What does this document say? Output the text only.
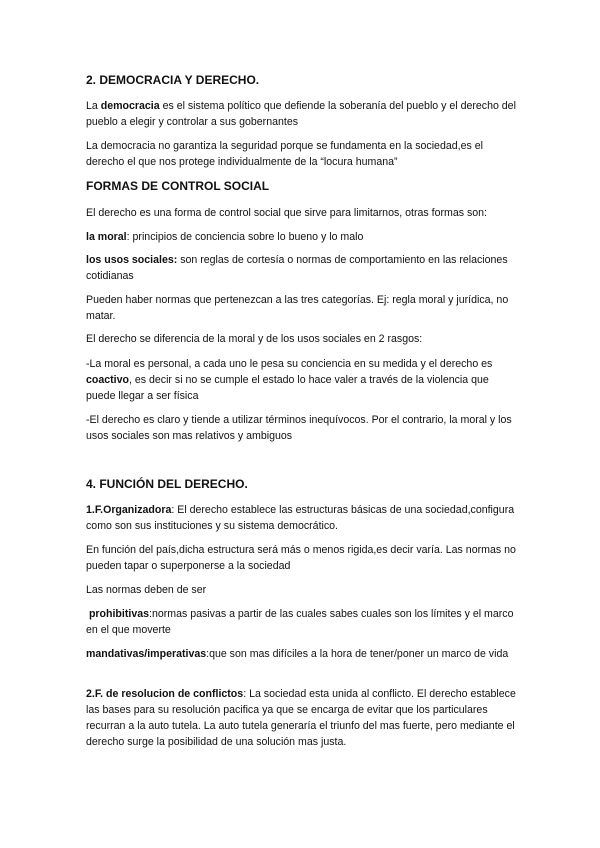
2. DEMOCRACIA Y DERECHO.
La democracia es el sistema político que defiende la soberanía del pueblo y el derecho del pueblo a elegir y controlar a sus gobernantes
La democracia no garantiza la seguridad porque se fundamenta en la sociedad,es el derecho el que nos protege individualmente de la “locura humana”
FORMAS DE CONTROL SOCIAL
El derecho es una forma de control social que sirve para limitarnos, otras formas son:
la moral: principios de conciencia sobre lo bueno y lo malo
los usos sociales: son reglas de cortesía o normas de comportamiento en las relaciones cotidianas
Pueden haber normas que pertenezcan a las tres categorías. Ej: regla moral y jurídica, no matar.
El derecho se diferencia de la moral y de los usos sociales en 2 rasgos:
-La moral es personal, a cada uno le pesa su conciencia en su medida y el derecho es coactivo, es decir si no se cumple el estado lo hace valer a través de la violencia que puede llegar a ser física
-El derecho es claro y tiende a utilizar términos inequívocos. Por el contrario, la moral y los usos sociales son mas relativos y ambiguos
4. FUNCIÓN DEL DERECHO.
1.F.Organizadora: El derecho establece las estructuras básicas de una sociedad,configura como son sus instituciones y su sistema democrático.
En función del país,dicha estructura será más o menos rigida,es decir varía. Las normas no pueden tapar o superponerse a la sociedad
Las normas deben de ser
prohibitivas:normas pasivas a partir de las cuales sabes cuales son los límites y el marco en el que moverte
mandativas/imperativas:que son mas difíciles a la hora de tener/poner un marco de vida
2.F. de resolucion de conflictos: La sociedad esta unida al conflicto. El derecho establece las bases para su resolución pacifica ya que se encarga de evitar que los particulares recurran a la auto tutela. La auto tutela generaría el triunfo del mas fuerte, pero mediante el derecho surge la posibilidad de una solución mas justa.
